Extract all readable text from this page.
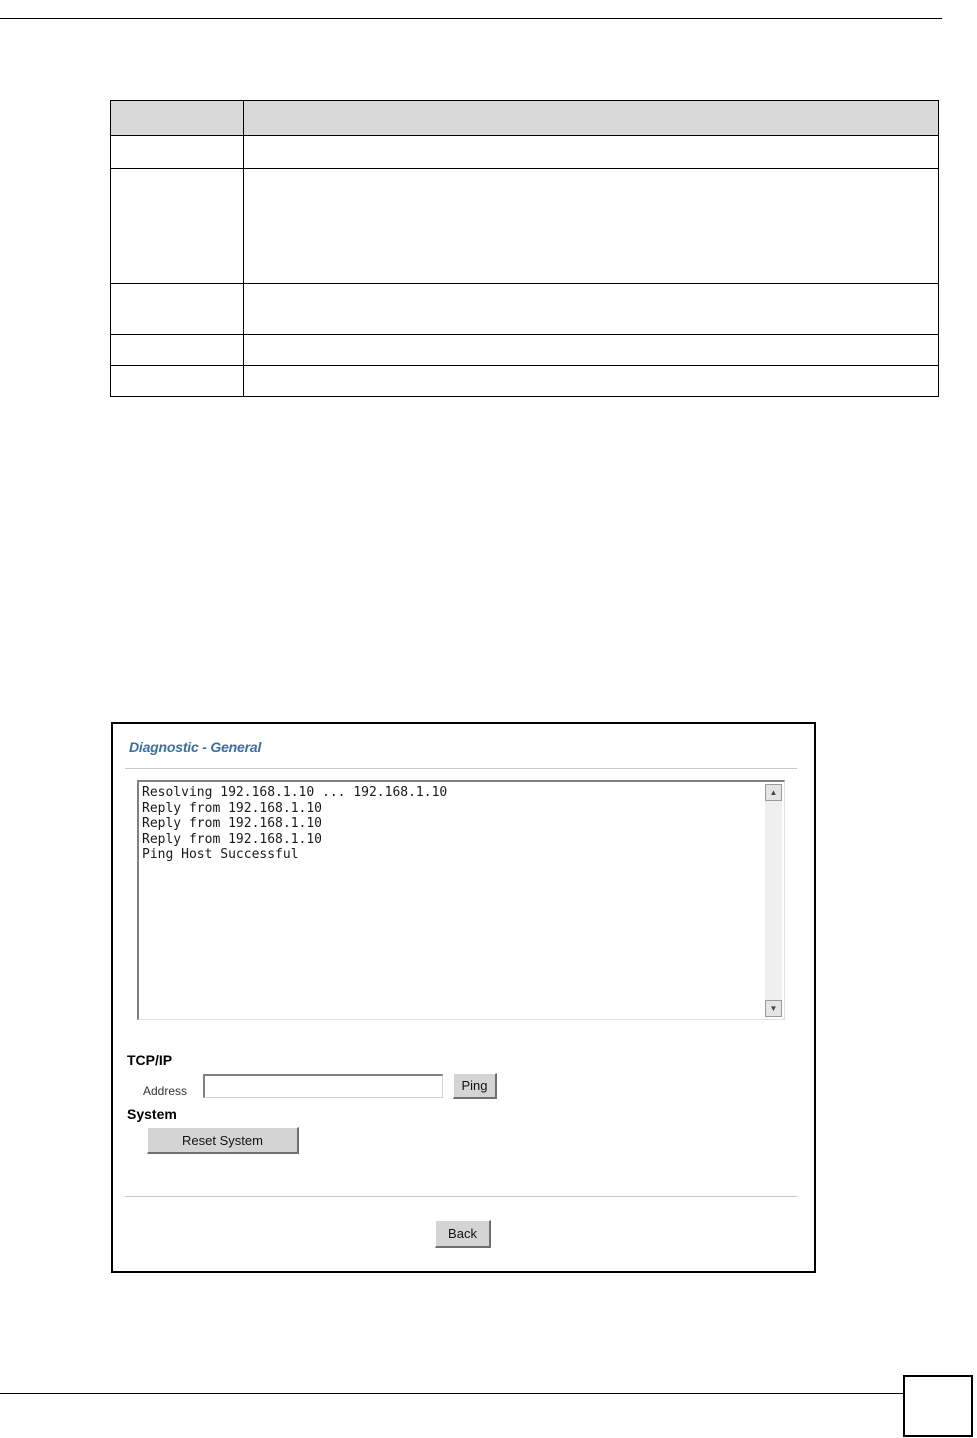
Diagnostic - General
Resolving 192.168.1.10 ... 192.168.1.10
Reply from 192.168.1.10
Reply from 192.168.1.10
Reply from 192.168.1.10
Ping Host Successful
▲
▼
TCP/IP
Address	Ping
System
Reset System
Back
